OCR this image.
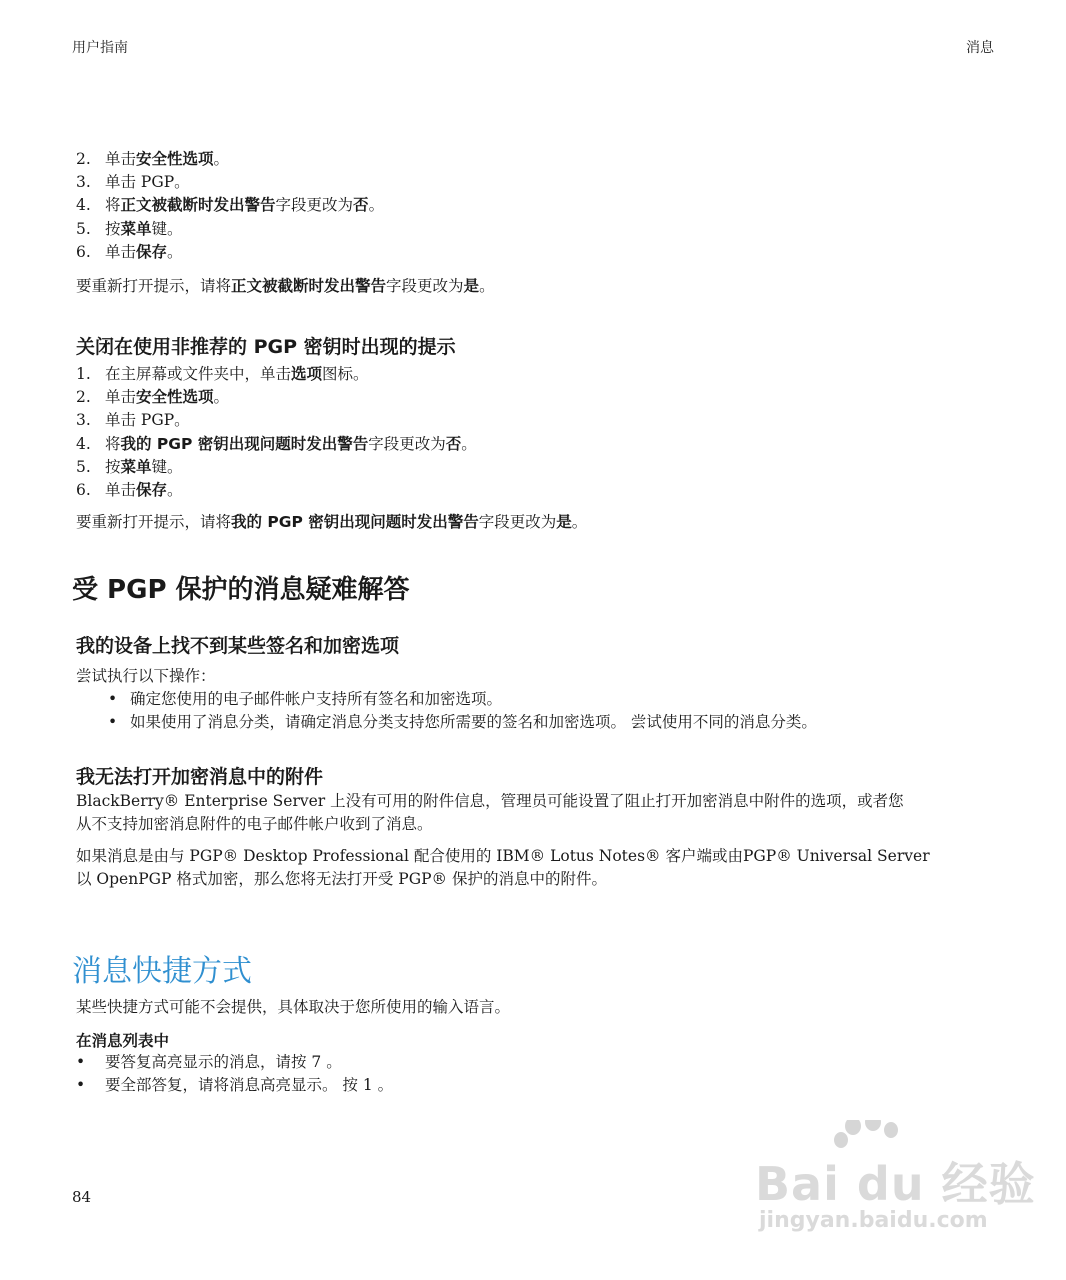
用户指南	消息
2. 单击安全性选项。
3. 单击 PGP。
4. 将正文被截断时发出警告字段更改为否。
5. 按菜单键。
6. 单击保存。
要重新打开提示，请将正文被截断时发出警告字段更改为是。
关闭在使用非推荐的 PGP 密钥时出现的提示
1. 在主屏幕或文件夹中，单击选项图标。
2. 单击安全性选项。
3. 单击 PGP。
4. 将我的 PGP 密钥出现问题时发出警告字段更改为否。
5. 按菜单键。
6. 单击保存。
要重新打开提示，请将我的 PGP 密钥出现问题时发出警告字段更改为是。
受 PGP 保护的消息疑难解答
我的设备上找不到某些签名和加密选项
尝试执行以下操作：
• 确定您使用的电子邮件帐户支持所有签名和加密选项。
• 如果使用了消息分类，请确定消息分类支持您所需要的签名和加密选项。 尝试使用不同的消息分类。
我无法打开加密消息中的附件
BlackBerry® Enterprise Server 上没有可用的附件信息，管理员可能设置了阻止打开加密消息中附件的选项，或者您
从不支持加密消息附件的电子邮件帐户收到了消息。
如果消息是由与 PGP® Desktop Professional 配合使用的 IBM® Lotus Notes® 客户端或由PGP® Universal Server
以 OpenPGP 格式加密，那么您将无法打开受 PGP® 保护的消息中的附件。
消息快捷方式
某些快捷方式可能不会提供，具体取决于您所使用的输入语言。
在消息列表中
• 要答复高亮显示的消息，请按 7 。
• 要全部答复，请将消息高亮显示。 按 1 。
84	Bai du 经验
jingyan.baidu.com
